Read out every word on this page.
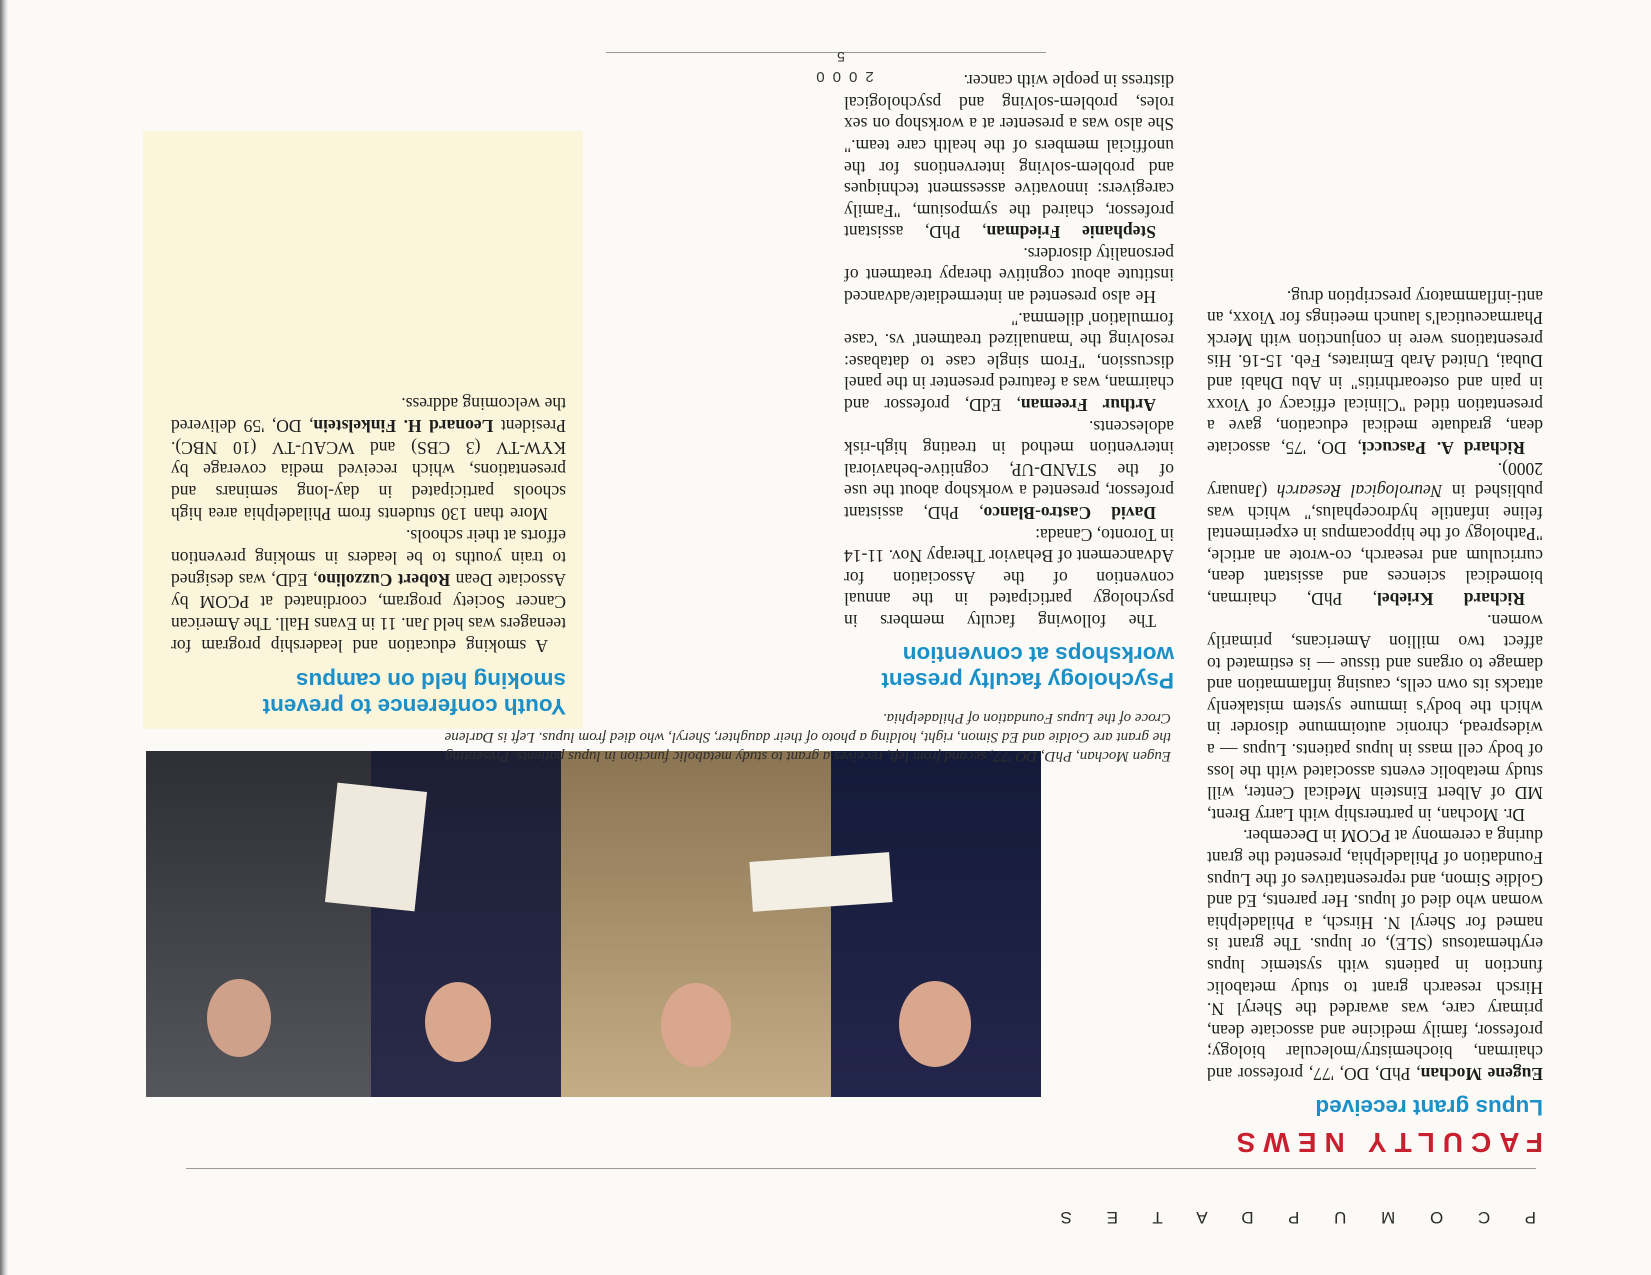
P C O M U P D A T E S
FACULTY NEWS
Lupus grant received

Eugene Mochan, PhD, DO, '77, professor and chairman, biochemistry/molecular biology; professor, family medicine and associate dean, primary care, was awarded the Sheryl N. Hirsch research grant to study metabolic function in patients with systemic lupus erythematosus (SLE), or lupus. The grant is named for Sheryl N. Hirsch, a Philadelphia woman who died of lupus. Her parents, Ed and Goldie Simon, and representatives of the Lupus Foundation of Philadelphia, presented the grant during a ceremony at PCOM in December.

Dr. Mochan, in partnership with Larry Brent, MD of Albert Einstein Medical Center, will study metabolic events associated with the loss of body cell mass in lupus patients. Lupus — a widespread, chronic autoimmune disorder in which the body's immune system mistakenly attacks its own cells, causing inflammation and damage to organs and tissue — is estimated to affect two million Americans, primarily women.

Richard Kriebel, PhD, chairman, biomedical sciences and assistant dean, curriculum and research, co-wrote an article, "Pathology of the hippocampus in experimental feline infantile hydrocephalus," which was published in Neurological Research (January 2000).

Richard A. Pascucci, DO, '75, associate dean, graduate medical education, gave a presentation titled "Clinical efficacy of Vioxx in pain and osteoarthritis" in Abu Dhabi and Dubai, United Arab Emirates, Feb. 15-16. His presentations were in conjunction with Merck Pharmaceutical's launch meetings for Vioxx, an anti-inflammatory prescription drug.

Eugen Mochan, PhD, DO '77, second from left, receives a grant to study metabolic function in lupus patients. Presenting the grant are Goldie and Ed Simon, right, holding a photo of their daughter, Sheryl, who died from lupus. Left is Darlene Croce of the Lupus Foundation of Philadelphia.
Psychology faculty present workshops at convention

The following faculty members in psychology participated in the annual convention of the Association for Advancement of Behavior Therapy Nov. 11-14 in Toronto, Canada:

David Castro-Blanco, PhD, assistant professor, presented a workshop about the use of the STAND-UP, cognitive-behavioral intervention method in treating high-risk adolescents.

Arthur Freeman, EdD, professor and chairman, was a featured presenter in the panel discussion, "From single case to database: resolving the 'manualized treatment' vs. 'case formulation' dilemma."

He also presented an intermediate/advanced institute about cognitive therapy treatment of personality disorders.

Stephanie Friedman, PhD, assistant professor, chaired the symposium, "Family caregivers: innovative assessment techniques and problem-solving interventions for the unofficial members of the health care team." She also was a presenter at a workshop on sex roles, problem-solving and psychological distress in people with cancer.

Youth conference to prevent smoking held on campus

A smoking education and leadership program for teenagers was held Jan. 11 in Evans Hall. The American Cancer Society program, coordinated at PCOM by Associate Dean Robert Cuzzolino, EdD, was designed to train youths to be leaders in smoking prevention efforts at their schools.

More than 130 students from Philadelphia area high schools participated in day-long seminars and presentations, which received media coverage by KYW-TV (3 CBS) and WCAU-TV (10 NBC). President Leonard H. Finkelstein, DO, '59 delivered the welcoming address.

2000
5
